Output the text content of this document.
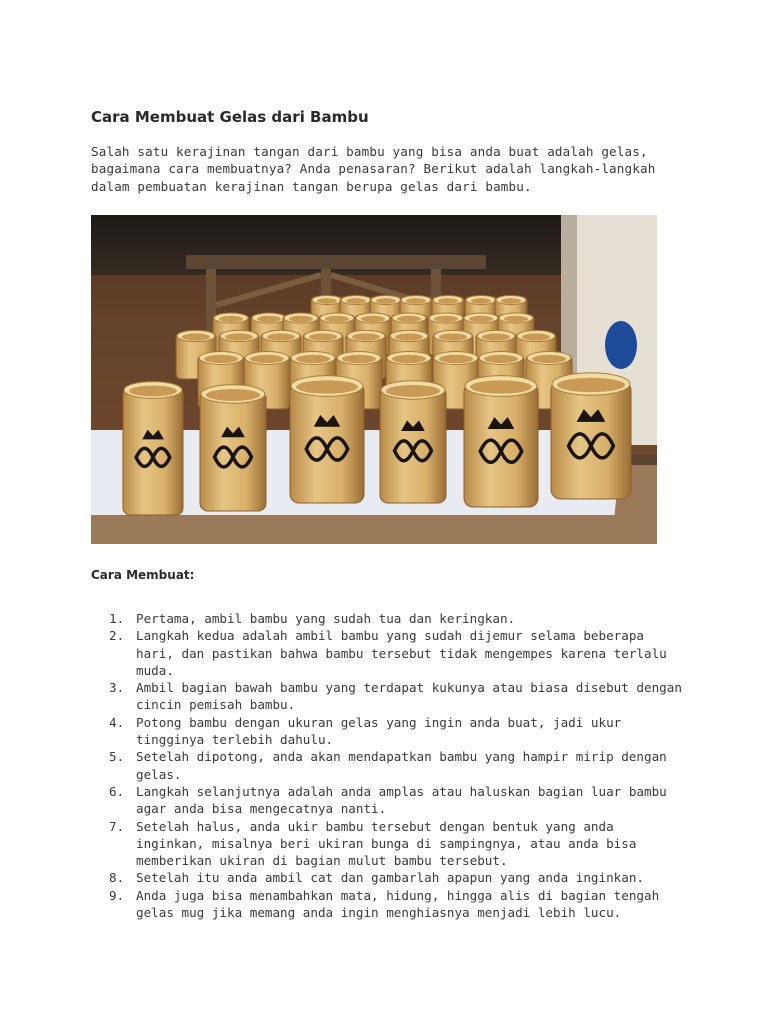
Cara Membuat Gelas dari Bambu

Salah satu kerajinan tangan dari bambu yang bisa anda buat adalah gelas, bagaimana cara membuatnya? Anda penasaran? Berikut adalah langkah-langkah dalam pembuatan kerajinan tangan berupa gelas dari bambu.

Cara Membuat:
1. Pertama, ambil bambu yang sudah tua dan keringkan.
2. Langkah kedua adalah ambil bambu yang sudah dijemur selama beberapa hari, dan pastikan bahwa bambu tersebut tidak mengempes karena terlalu muda.
3. Ambil bagian bawah bambu yang terdapat kukunya atau biasa disebut dengan cincin pemisah bambu.
4. Potong bambu dengan ukuran gelas yang ingin anda buat, jadi ukur tingginya terlebih dahulu.
5. Setelah dipotong, anda akan mendapatkan bambu yang hampir mirip dengan gelas.
6. Langkah selanjutnya adalah anda amplas atau haluskan bagian luar bambu agar anda bisa mengecatnya nanti.
7. Setelah halus, anda ukir bambu tersebut dengan bentuk yang anda inginkan, misalnya beri ukiran bunga di sampingnya, atau anda bisa memberikan ukiran di bagian mulut bambu tersebut.
8. Setelah itu anda ambil cat dan gambarlah apapun yang anda inginkan.
9. Anda juga bisa menambahkan mata, hidung, hingga alis di bagian tengah gelas mug jika memang anda ingin menghiasnya menjadi lebih lucu.
